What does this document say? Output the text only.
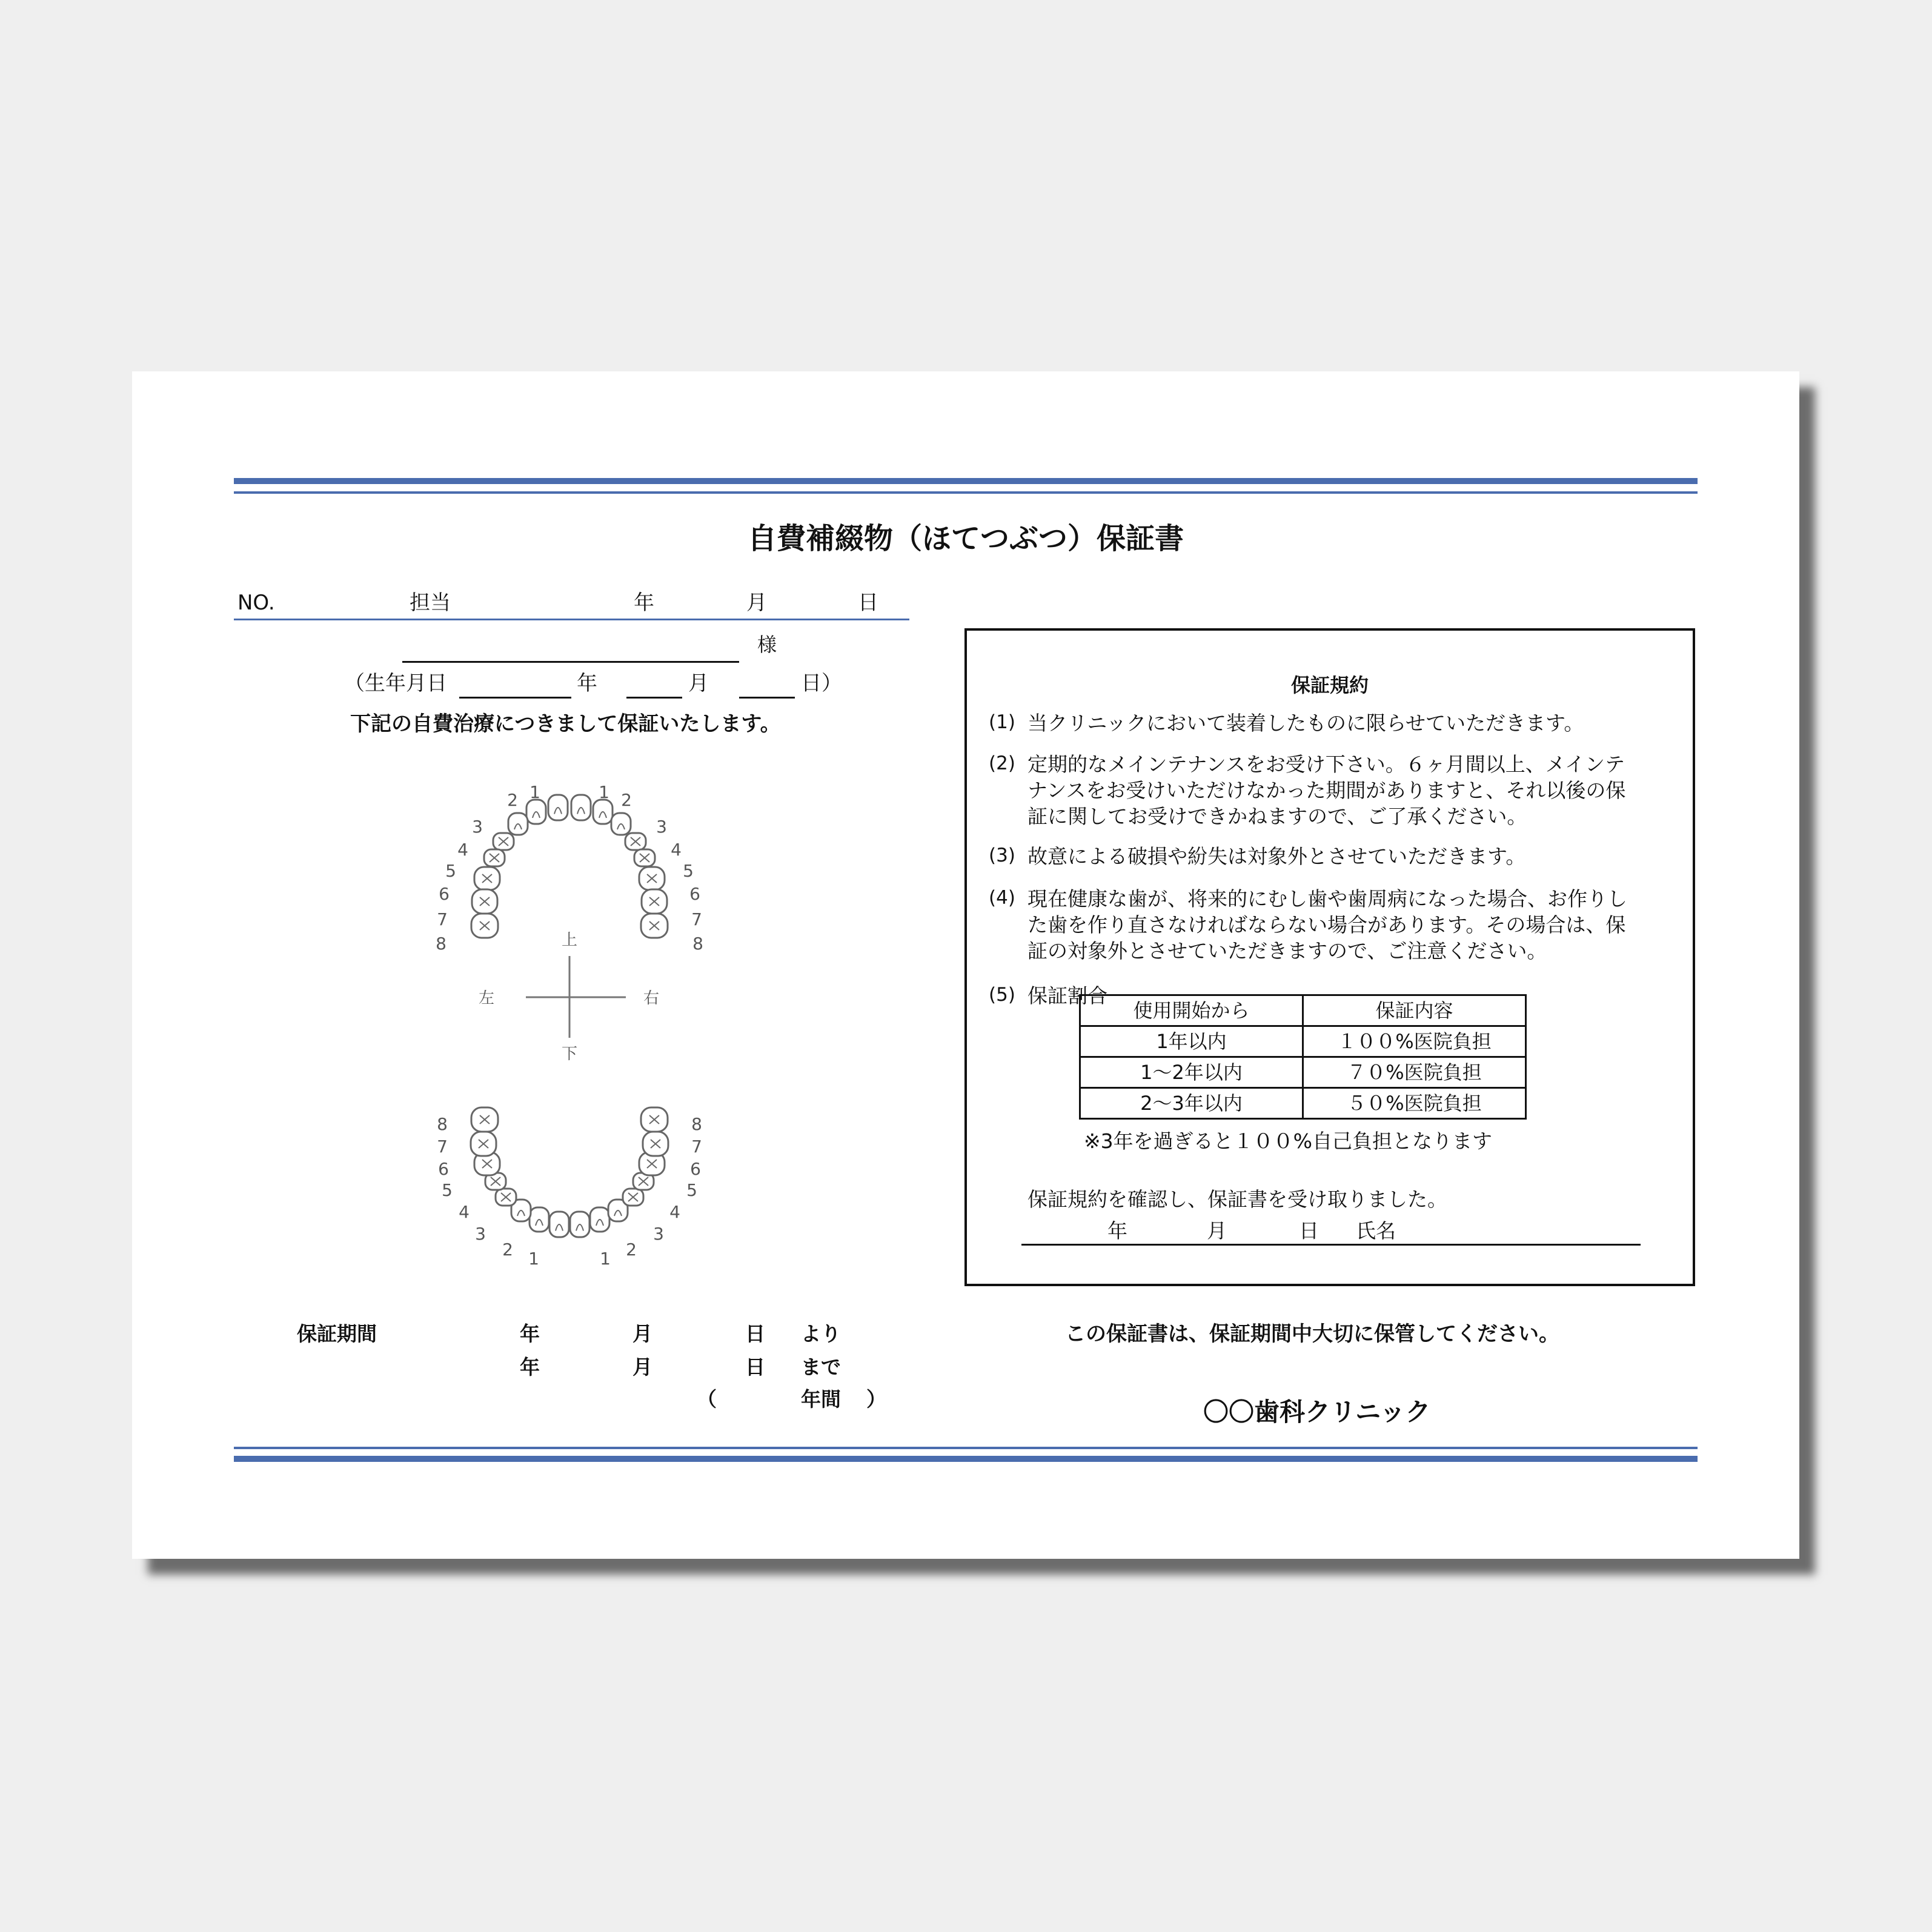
自費補綴物（ほてつぶつ）保証書
NO.	担当	年	月	日
様
（生年月日	年	月	日）
下記の自費治療につきまして保証いたします。
1	1
1	1
2	2
2	2
3	3
3	3
4	4
4	4
5	5
5	5
6	6
6	6
7	7
7	7
8	8
8	8
上
下
左	右
保証規約
(1) 当クリニックにおいて装着したものに限らせていただきます。
(2) 定期的なメインテナンスをお受け下さい。６ヶ月間以上、メインテ
ナンスをお受けいただけなかった期間がありますと、それ以後の保
証に関してお受けできかねますので、ご了承ください。
(3) 故意による破損や紛失は対象外とさせていただきます。
(4) 現在健康な歯が、将来的にむし歯や歯周病になった場合、お作りし
た歯を作り直さなければならない場合があります。その場合は、保
証の対象外とさせていただきますので、ご注意ください。
(5) 保証割合
使用開始から	保証内容
1年以内	１００%医院負担
1～2年以内	７０%医院負担
2～3年以内	５０%医院負担
※3年を過ぎると１００%自己負担となります
保証規約を確認し、保証書を受け取りました。
年	月	日 氏名
保証期間	年	月	日 より
年	月	日 まで
（	年間 ）
この保証書は、保証期間中大切に保管してください。
〇〇歯科クリニック
